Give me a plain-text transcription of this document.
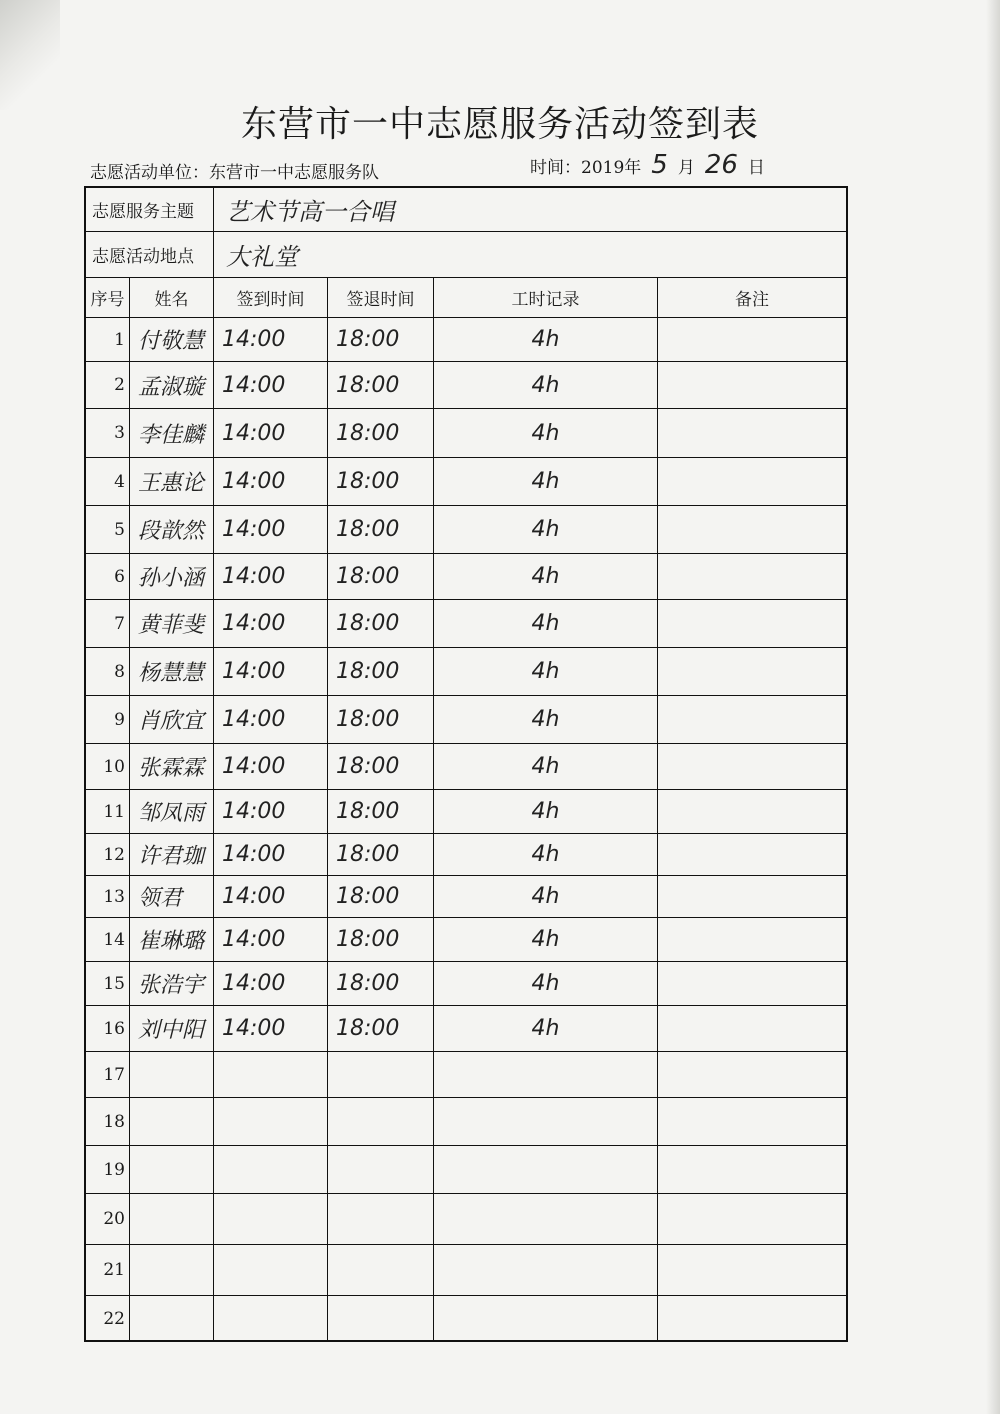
东营市一中志愿服务活动签到表
志愿活动单位：东营市一中志愿服务队	时间：2019年 5 月 26 日
志愿服务主题	艺术节高一合唱
志愿活动地点	大礼堂
序号	姓名	签到时间	签退时间	工时记录	备注
1 付敬慧 14:00	18:00	4h
2 孟淑璇 14:00	18:00	4h
3 李佳麟 14:00	18:00	4h
4 王惠论 14:00	18:00	4h
5 段歆然 14:00	18:00	4h
6 孙小涵 14:00	18:00	4h
7 黄菲斐 14:00	18:00	4h
8 杨慧慧 14:00	18:00	4h
9 肖欣宜 14:00	18:00	4h
10 张霖霖 14:00	18:00	4h
11 邹凤雨 14:00	18:00	4h
12 许君珈 14:00	18:00	4h
13 领君	14:00	18:00	4h
14 崔琳璐 14:00	18:00	4h
15 张浩宇 14:00	18:00	4h
16 刘中阳 14:00	18:00	4h
17
18
19
20
21
22
